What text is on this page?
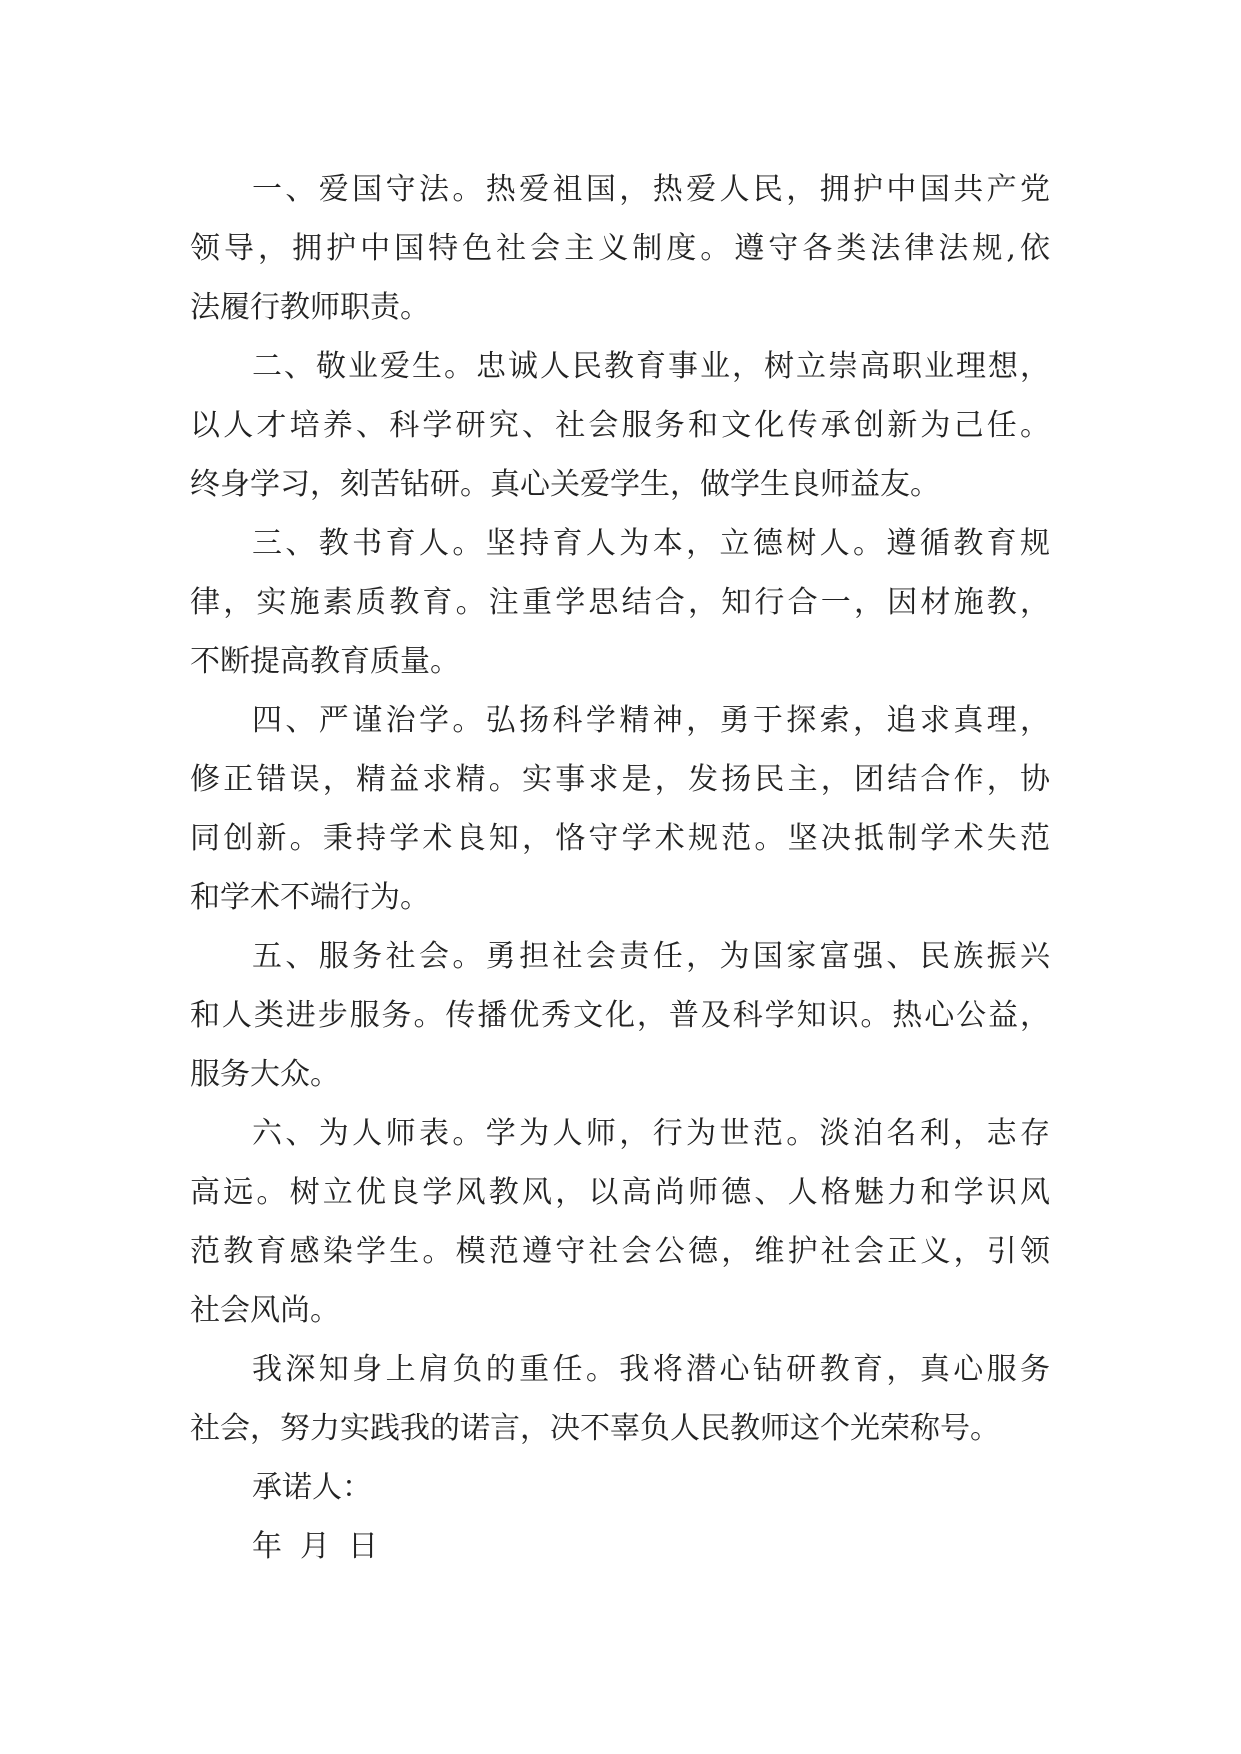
一、爱国守法。热爱祖国，热爱人民，拥护中国共产党
领导，拥护中国特色社会主义制度。遵守各类法律法规,依
法履行教师职责。
二、敬业爱生。忠诚人民教育事业，树立崇高职业理想，
以人才培养、科学研究、社会服务和文化传承创新为己任。
终身学习，刻苦钻研。真心关爱学生，做学生良师益友。
三、教书育人。坚持育人为本，立德树人。遵循教育规
律，实施素质教育。注重学思结合，知行合一，因材施教，
不断提高教育质量。
四、严谨治学。弘扬科学精神，勇于探索，追求真理，
修正错误，精益求精。实事求是，发扬民主，团结合作，协
同创新。秉持学术良知，恪守学术规范。坚决抵制学术失范
和学术不端行为。
五、服务社会。勇担社会责任，为国家富强、民族振兴
和人类进步服务。传播优秀文化，普及科学知识。热心公益，
服务大众。
六、为人师表。学为人师，行为世范。淡泊名利，志存
高远。树立优良学风教风，以高尚师德、人格魅力和学识风
范教育感染学生。模范遵守社会公德，维护社会正义，引领
社会风尚。
我深知身上肩负的重任。我将潜心钻研教育，真心服务
社会，努力实践我的诺言，决不辜负人民教师这个光荣称号。
承诺人：
年 月 日
